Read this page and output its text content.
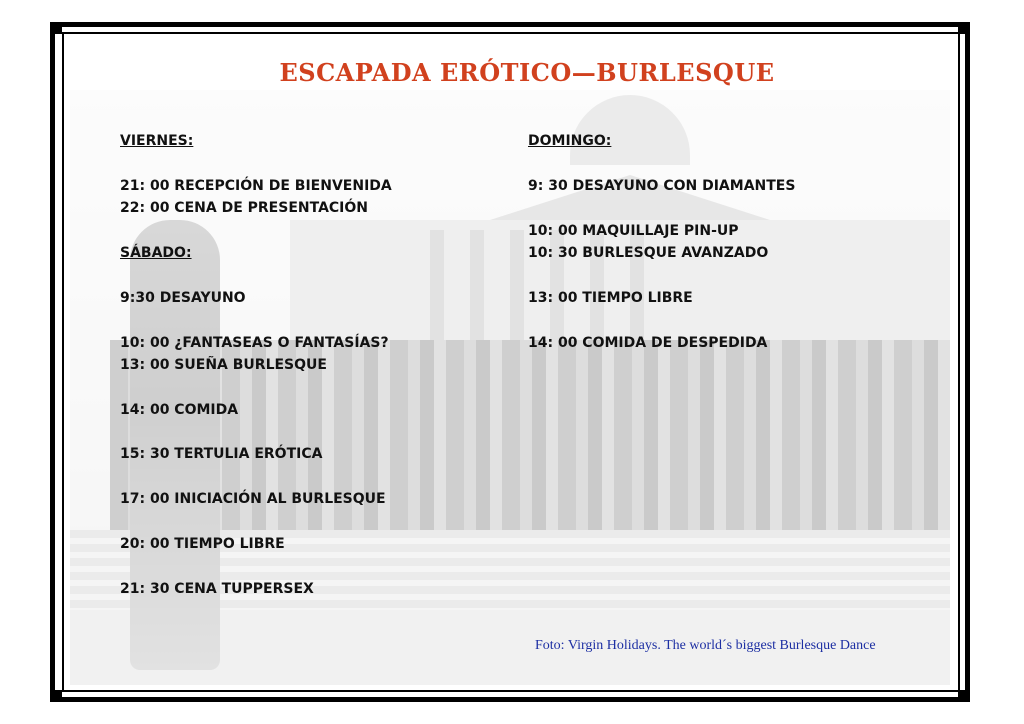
ESCAPADA ERÓTICO—BURLESQUE
VIERNES:
21: 00 RECEPCIÓN DE BIENVENIDA
22: 00 CENA DE PRESENTACIÓN
SÁBADO:
9:30 DESAYUNO
10: 00 ¿FANTASEAS O FANTASÍAS?
13: 00 SUEÑA BURLESQUE
14: 00 COMIDA
15: 30 TERTULIA ERÓTICA
17: 00 INICIACIÓN AL BURLESQUE
20: 00 TIEMPO LIBRE
21: 30 CENA TUPPERSEX
DOMINGO:
9: 30 DESAYUNO CON DIAMANTES
10: 00 MAQUILLAJE PIN-UP
10: 30 BURLESQUE AVANZADO
13: 00 TIEMPO LIBRE
14: 00 COMIDA DE DESPEDIDA
Foto: Virgin Holidays. The world´s biggest Burlesque Dance
